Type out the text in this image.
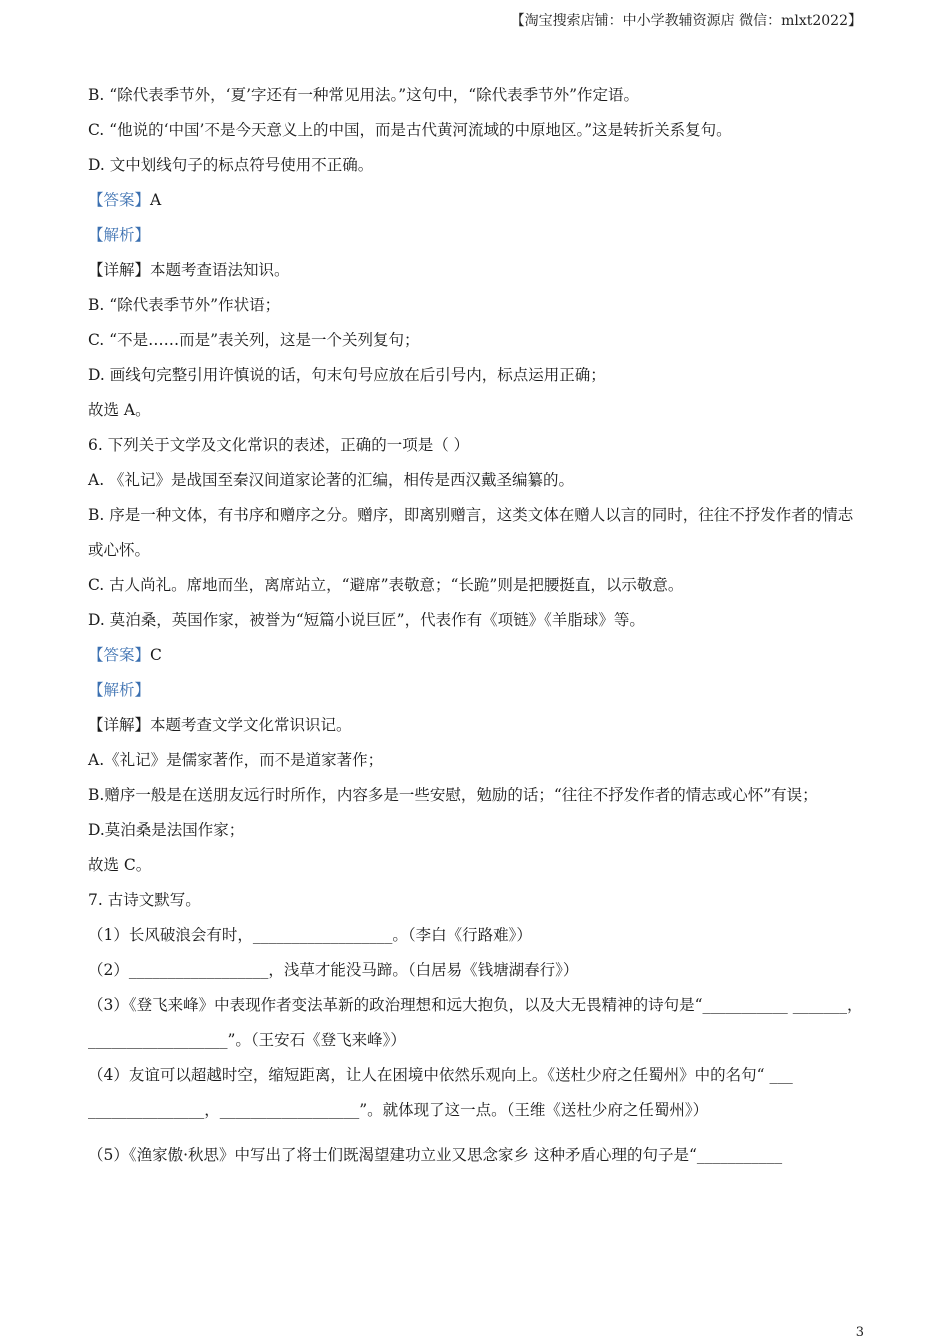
【淘宝搜索店铺：中小学教辅资源店 微信：mlxt2022】
B. “除代表季节外，‘夏’字还有一种常见用法。”这句中，“除代表季节外”作定语。
C. “他说的‘中国’不是今天意义上的中国，而是古代黄河流域的中原地区。”这是转折关系复句。
D. 文中划线句子的标点符号使用不正确。
【答案】A
【解析】
【详解】本题考查语法知识。
B. “除代表季节外”作状语；
C. “不是……而是”表关列，这是一个关列复句；
D. 画线句完整引用许慎说的话，句末句号应放在后引号内，标点运用正确；
故选 A。
6. 下列关于文学及文化常识的表述，正确的一项是（ ）
A. 《礼记》是战国至秦汉间道家论著的汇编，相传是西汉戴圣编纂的。
B. 序是一种文体，有书序和赠序之分。赠序，即离别赠言，这类文体在赠人以言的同时，往往不抒发作者的情志或心怀。
C. 古人尚礼。席地而坐，离席站立，“避席”表敬意；“长跪”则是把腰挺直，以示敬意。
D. 莫泊桑，英国作家，被誉为“短篇小说巨匠”，代表作有《项链》《羊脂球》等。
【答案】C
【解析】
【详解】本题考查文学文化常识识记。
A.《礼记》是儒家著作，而不是道家著作；
B.赠序一般是在送朋友远行时所作，内容多是一些安慰，勉励的话；“往往不抒发作者的情志或心怀”有误；
D.莫泊桑是法国作家；
故选 C。
7. 古诗文默写。
（1）长风破浪会有时，__________________。（李白《行路难》）
（2）__________________，浅草才能没马蹄。（白居易《钱塘湖春行》）
（3）《登飞来峰》中表现作者变法革新的政治理想和远大抱负，以及大无畏精神的诗句是“___________ _______，__________________”。（王安石《登飞来峰》）
（4）友谊可以超越时空，缩短距离，让人在困境中依然乐观向上。《送杜少府之任蜀州》中的名句“ ___ _______________，__________________”。就体现了这一点。（王维《送杜少府之任蜀州》）
（5）《渔家傲·秋思》中写出了将士们既渴望建功立业又思念家乡 这种矛盾心理的句子是“___________
3
